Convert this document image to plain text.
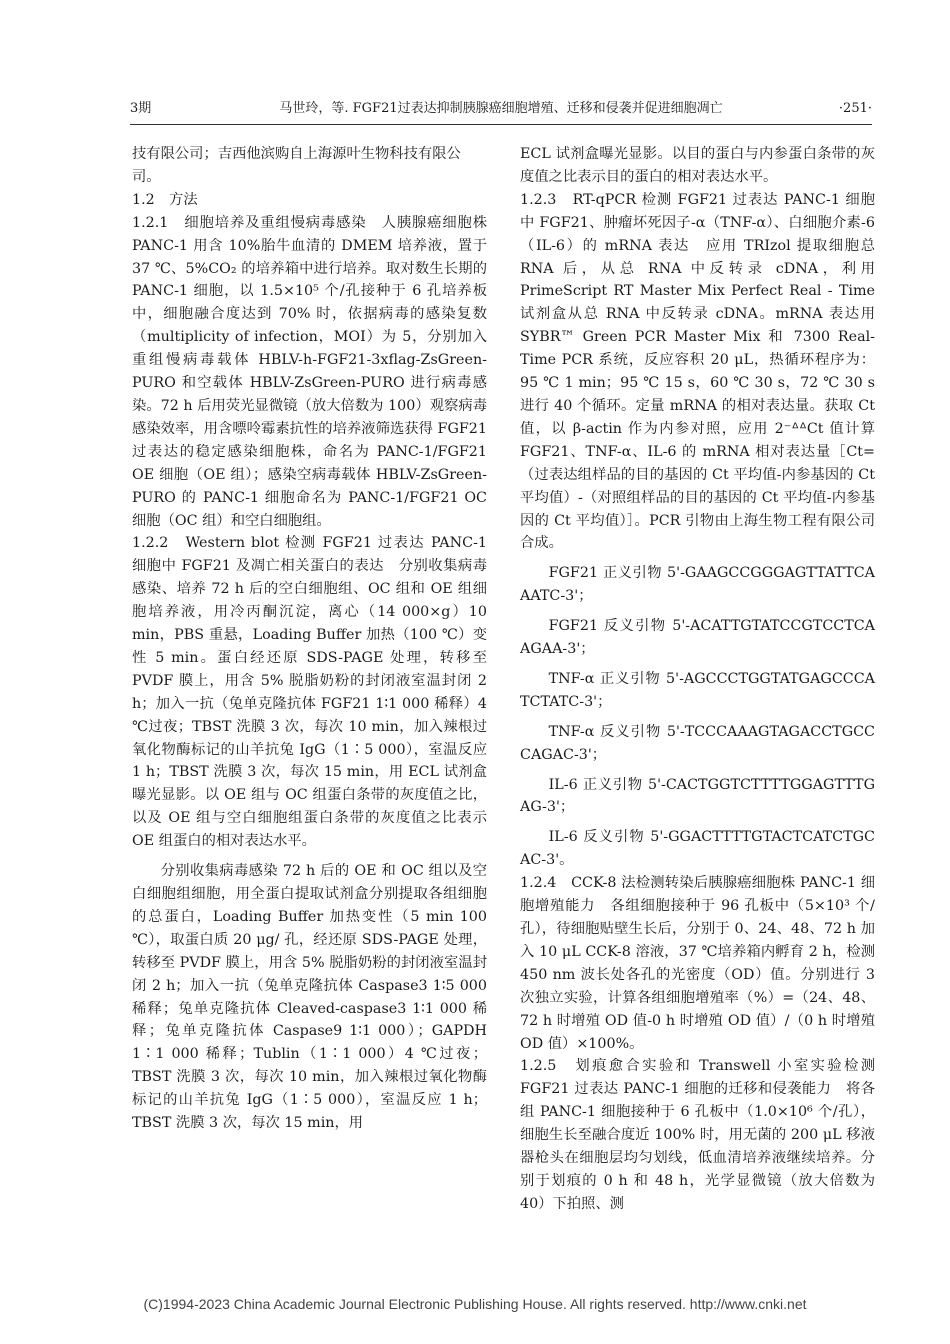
3期	马世玲，等. FGF21过表达抑制胰腺癌细胞增殖、迁移和侵袭并促进细胞凋亡	·251·

技有限公司；吉西他滨购自上海源叶生物科技有限公司。

1.2　方法

1.2.1　细胞培养及重组慢病毒感染　人胰腺癌细胞株 PANC-1 用含 10%胎牛血清的 DMEM 培养液，置于 37 ℃、5%CO₂ 的培养箱中进行培养。取对数生长期的 PANC-1 细胞，以 1.5×10⁵ 个/孔接种于 6 孔培养板中，细胞融合度达到 70% 时，依据病毒的感染复数（multiplicity of infection，MOI）为 5，分别加入重组慢病毒载体 HBLV-h-FGF21-3xflag-ZsGreen-PURO 和空载体 HBLV-ZsGreen-PURO 进行病毒感染。72 h 后用荧光显微镜（放大倍数为 100）观察病毒感染效率，用含嘌呤霉素抗性的培养液筛选获得 FGF21 过表达的稳定感染细胞株，命名为 PANC-1/FGF21 OE 细胞（OE 组）；感染空病毒载体 HBLV-ZsGreen-PURO 的 PANC-1 细胞命名为 PANC-1/FGF21 OC 细胞（OC 组）和空白细胞组。

1.2.2　Western blot 检测 FGF21 过表达 PANC-1 细胞中 FGF21 及凋亡相关蛋白的表达　分别收集病毒感染、培养 72 h 后的空白细胞组、OC 组和 OE 组细胞培养液，用冷丙酮沉淀，离心（14 000×g）10 min，PBS 重悬，Loading Buffer 加热（100 ℃）变性 5 min。蛋白经还原 SDS-PAGE 处理，转移至 PVDF 膜上，用含 5% 脱脂奶粉的封闭液室温封闭 2 h；加入一抗（兔单克隆抗体 FGF21 1∶1 000 稀释）4 ℃过夜；TBST 洗膜 3 次，每次 10 min，加入辣根过氧化物酶标记的山羊抗兔 IgG（1∶5 000），室温反应 1 h；TBST 洗膜 3 次，每次 15 min，用 ECL 试剂盒曝光显影。以 OE 组与 OC 组蛋白条带的灰度值之比，以及 OE 组与空白细胞组蛋白条带的灰度值之比表示 OE 组蛋白的相对表达水平。

分别收集病毒感染 72 h 后的 OE 和 OC 组以及空白细胞组细胞，用全蛋白提取试剂盒分别提取各组细胞的总蛋白，Loading Buffer 加热变性（5 min 100 ℃），取蛋白质 20 μg/ 孔，经还原 SDS-PAGE 处理，转移至 PVDF 膜上，用含 5% 脱脂奶粉的封闭液室温封闭 2 h；加入一抗（兔单克隆抗体 Caspase3 1∶5 000 稀释；兔单克隆抗体 Cleaved-caspase3 1∶1 000 稀释；兔单克隆抗体 Caspase9 1∶1 000）；GAPDH　1∶1 000 稀释；Tublin（1∶1 000）4 ℃过夜；TBST 洗膜 3 次，每次 10 min，加入辣根过氧化物酶标记的山羊抗兔 IgG（1∶5 000），室温反应 1 h；TBST 洗膜 3 次，每次 15 min，用

ECL 试剂盒曝光显影。以目的蛋白与内参蛋白条带的灰度值之比表示目的蛋白的相对表达水平。

1.2.3　RT-qPCR 检测 FGF21 过表达 PANC-1 细胞中 FGF21、肿瘤坏死因子-α（TNF-α）、白细胞介素-6（IL-6）的 mRNA 表达　应用 TRIzol 提取细胞总 RNA 后，从总 RNA 中反转录 cDNA，利用 PrimeScript RT Master Mix Perfect Real - Time 试剂盒从总 RNA 中反转录 cDNA。mRNA 表达用 SYBR™ Green PCR Master Mix 和 7300 Real-Time PCR 系统，反应容积 20 μL，热循环程序为：95 ℃ 1 min；95 ℃ 15 s，60 ℃ 30 s，72 ℃ 30 s 进行 40 个循环。定量 mRNA 的相对表达量。获取 Ct 值，以 β-actin 作为内参对照，应用 2⁻ᐞᐞCt 值计算 FGF21、TNF-α、IL-6 的 mRNA 相对表达量［Ct=（过表达组样品的目的基因的 Ct 平均值-内参基因的 Ct 平均值）-（对照组样品的目的基因的 Ct 平均值-内参基因的 Ct 平均值）］。PCR 引物由上海生物工程有限公司合成。

FGF21 正义引物 5'-GAAGCCGGGAGTTATTCAAATC-3'；

FGF21 反义引物 5'-ACATTGTATCCGTCCTCAAGAA-3'；

TNF-α 正义引物 5'-AGCCCTGGTATGAGCCCATCTATC-3'；

TNF-α 反义引物 5'-TCCCAAAGTAGACCTGCCCAGAC-3'；

IL-6 正义引物 5'-CACTGGTCTTTTGGAGTTTGAG-3'；

IL-6 反义引物 5'-GGACTTTTGTACTCATCTGCAC-3'。

1.2.4　CCK-8 法检测转染后胰腺癌细胞株 PANC-1 细胞增殖能力　各组细胞接种于 96 孔板中（5×10³ 个/孔），待细胞贴壁生长后，分别于 0、24、48、72 h 加入 10 μL CCK-8 溶液，37 ℃培养箱内孵育 2 h，检测 450 nm 波长处各孔的光密度（OD）值。分别进行 3 次独立实验，计算各组细胞增殖率（%）=（24、48、72 h 时增殖 OD 值-0 h 时增殖 OD 值）/（0 h 时增殖 OD 值）×100%。

1.2.5　划痕愈合实验和 Transwell 小室实验检测 FGF21 过表达 PANC-1 细胞的迁移和侵袭能力　将各组 PANC-1 细胞接种于 6 孔板中（1.0×10⁶ 个/孔），细胞生长至融合度近 100% 时，用无菌的 200 μL 移液器枪头在细胞层均匀划线，低血清培养液继续培养。分别于划痕的 0 h 和 48 h，光学显微镜（放大倍数为 40）下拍照、测

(C)1994-2023 China Academic Journal Electronic Publishing House. All rights reserved. http://www.cnki.net
